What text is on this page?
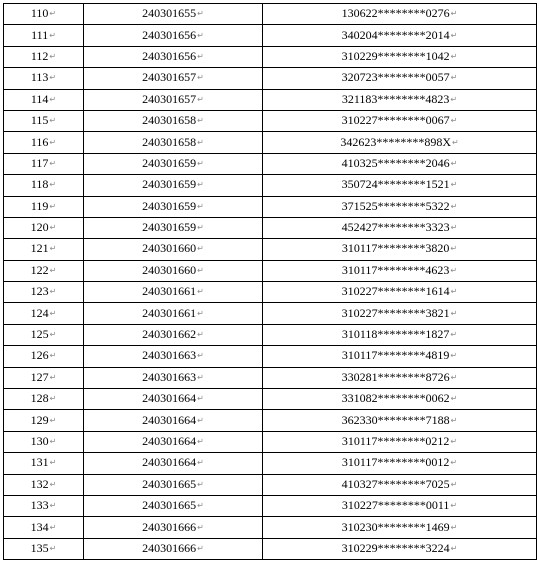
110↵	240301655↵	130622********0276↵
111↵	240301656↵	340204********2014↵
112↵	240301656↵	310229********1042↵
113↵	240301657↵	320723********0057↵
114↵	240301657↵	321183********4823↵
115↵	240301658↵	310227********0067↵
116↵	240301658↵	342623********898X↵
117↵	240301659↵	410325********2046↵
118↵	240301659↵	350724********1521↵
119↵	240301659↵	371525********5322↵
120↵	240301659↵	452427********3323↵
121↵	240301660↵	310117********3820↵
122↵	240301660↵	310117********4623↵
123↵	240301661↵	310227********1614↵
124↵	240301661↵	310227********3821↵
125↵	240301662↵	310118********1827↵
126↵	240301663↵	310117********4819↵
127↵	240301663↵	330281********8726↵
128↵	240301664↵	331082********0062↵
129↵	240301664↵	362330********7188↵
130↵	240301664↵	310117********0212↵
131↵	240301664↵	310117********0012↵
132↵	240301665↵	410327********7025↵
133↵	240301665↵	310227********0011↵
134↵	240301666↵	310230********1469↵
135↵	240301666↵	310229********3224↵
